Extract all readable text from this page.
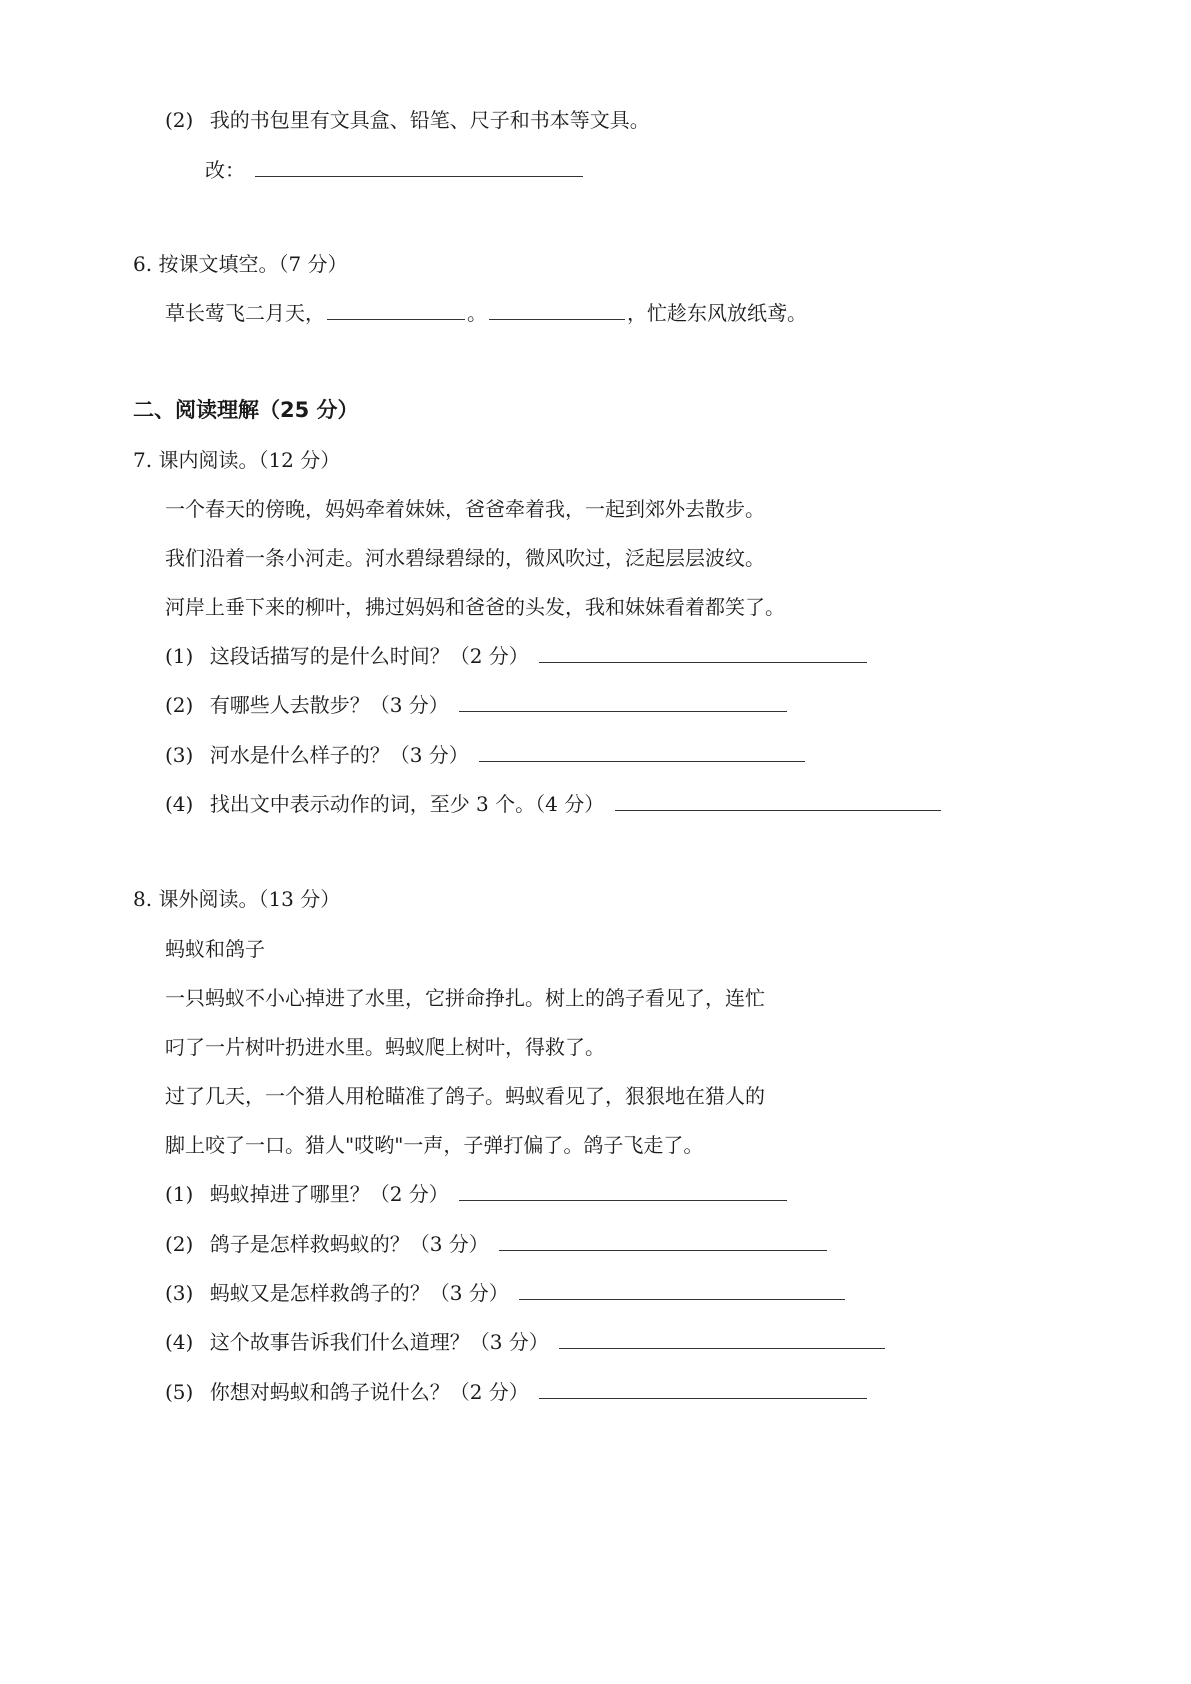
(2) 我的书包里有文具盒、铅笔、尺子和书本等文具。
改：
6. 按课文填空。（7 分）
草长莺飞二月天，	。	，忙趁东风放纸鸢。
二、阅读理解（25 分）
7. 课内阅读。（12 分）
一个春天的傍晚，妈妈牵着妹妹，爸爸牵着我，一起到郊外去散步。
我们沿着一条小河走。河水碧绿碧绿的，微风吹过，泛起层层波纹。
河岸上垂下来的柳叶，拂过妈妈和爸爸的头发，我和妹妹看着都笑了。
(1) 这段话描写的是什么时间？（2 分）
(2) 有哪些人去散步？（3 分）
(3) 河水是什么样子的？（3 分）
(4) 找出文中表示动作的词，至少 3 个。（4 分）
8. 课外阅读。（13 分）
蚂蚁和鸽子
一只蚂蚁不小心掉进了水里，它拼命挣扎。树上的鸽子看见了，连忙
叼了一片树叶扔进水里。蚂蚁爬上树叶，得救了。
过了几天，一个猎人用枪瞄准了鸽子。蚂蚁看见了，狠狠地在猎人的
脚上咬了一口。猎人"哎哟"一声，子弹打偏了。鸽子飞走了。
(1) 蚂蚁掉进了哪里？（2 分）
(2) 鸽子是怎样救蚂蚁的？（3 分）
(3) 蚂蚁又是怎样救鸽子的？（3 分）
(4) 这个故事告诉我们什么道理？（3 分）
(5) 你想对蚂蚁和鸽子说什么？（2 分）
